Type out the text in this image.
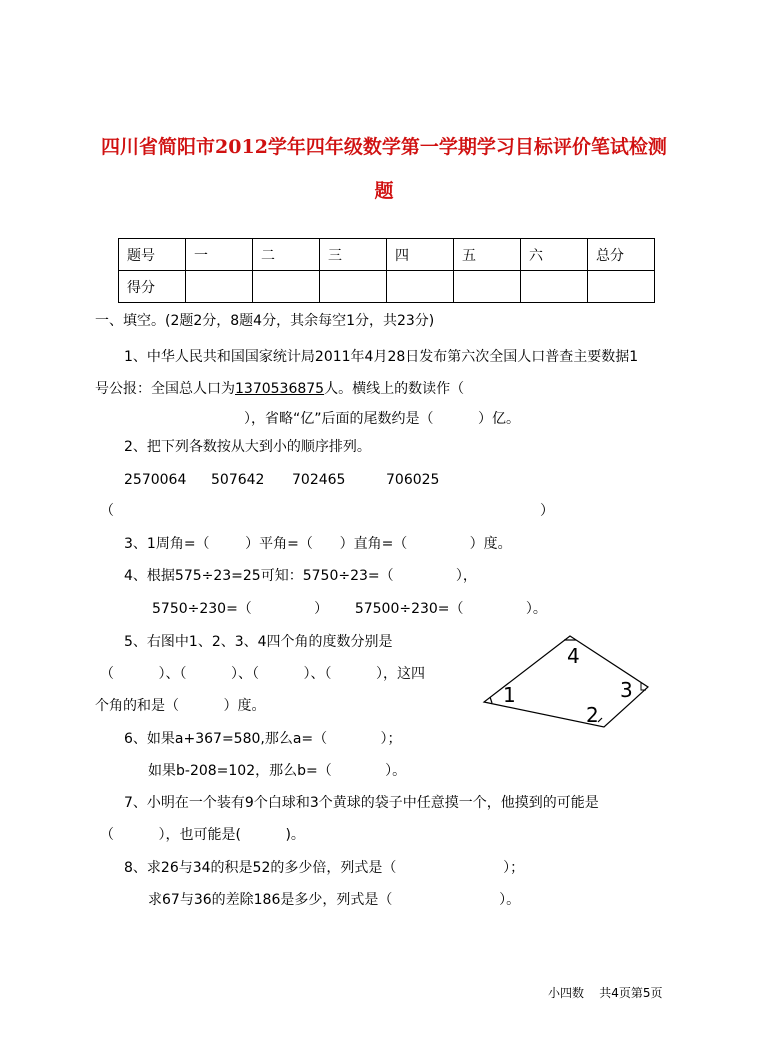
四川省简阳市2012学年四年级数学第一学期学习目标评价笔试检测
题
题号	一	二	三	四	五	六	总分
得分							
一、填空。(2题2分，8题4分，其余每空1分，共23分)
1、中华人民共和国国家统计局2011年4月28日发布第六次全国人口普查主要数据1
号公报：全国总人口为1370536875人。横线上的数读作（
），省略“亿”后面的尾数约是（          ）亿。
2、把下列各数按从大到小的顺序排列。
2570064 507642 702465	706025
（	）
3、1周角=（        ）平角=（      ）直角=（              ）度。
4、根据575÷23=25可知：5750÷23=（              ），
5750÷230=（              ）      57500÷230=（              ）。
5、右图中1、2、3、4四个角的度数分别是
（          ）、（          ）、（          ）、（          ），这四
个角的和是（          ）度。	1
2
3
4
6、如果a+367=580,那么a=（            ）；
如果b-208=102，那么b=（            ）。
7、小明在一个装有9个白球和3个黄球的袋子中任意摸一个，他摸到的可能是
（          ），也可能是(          )。
8、求26与34的积是52的多少倍，列式是（                        ）；
求67与36的差除186是多少，列式是（                        ）。
小四数    共4页第5页
